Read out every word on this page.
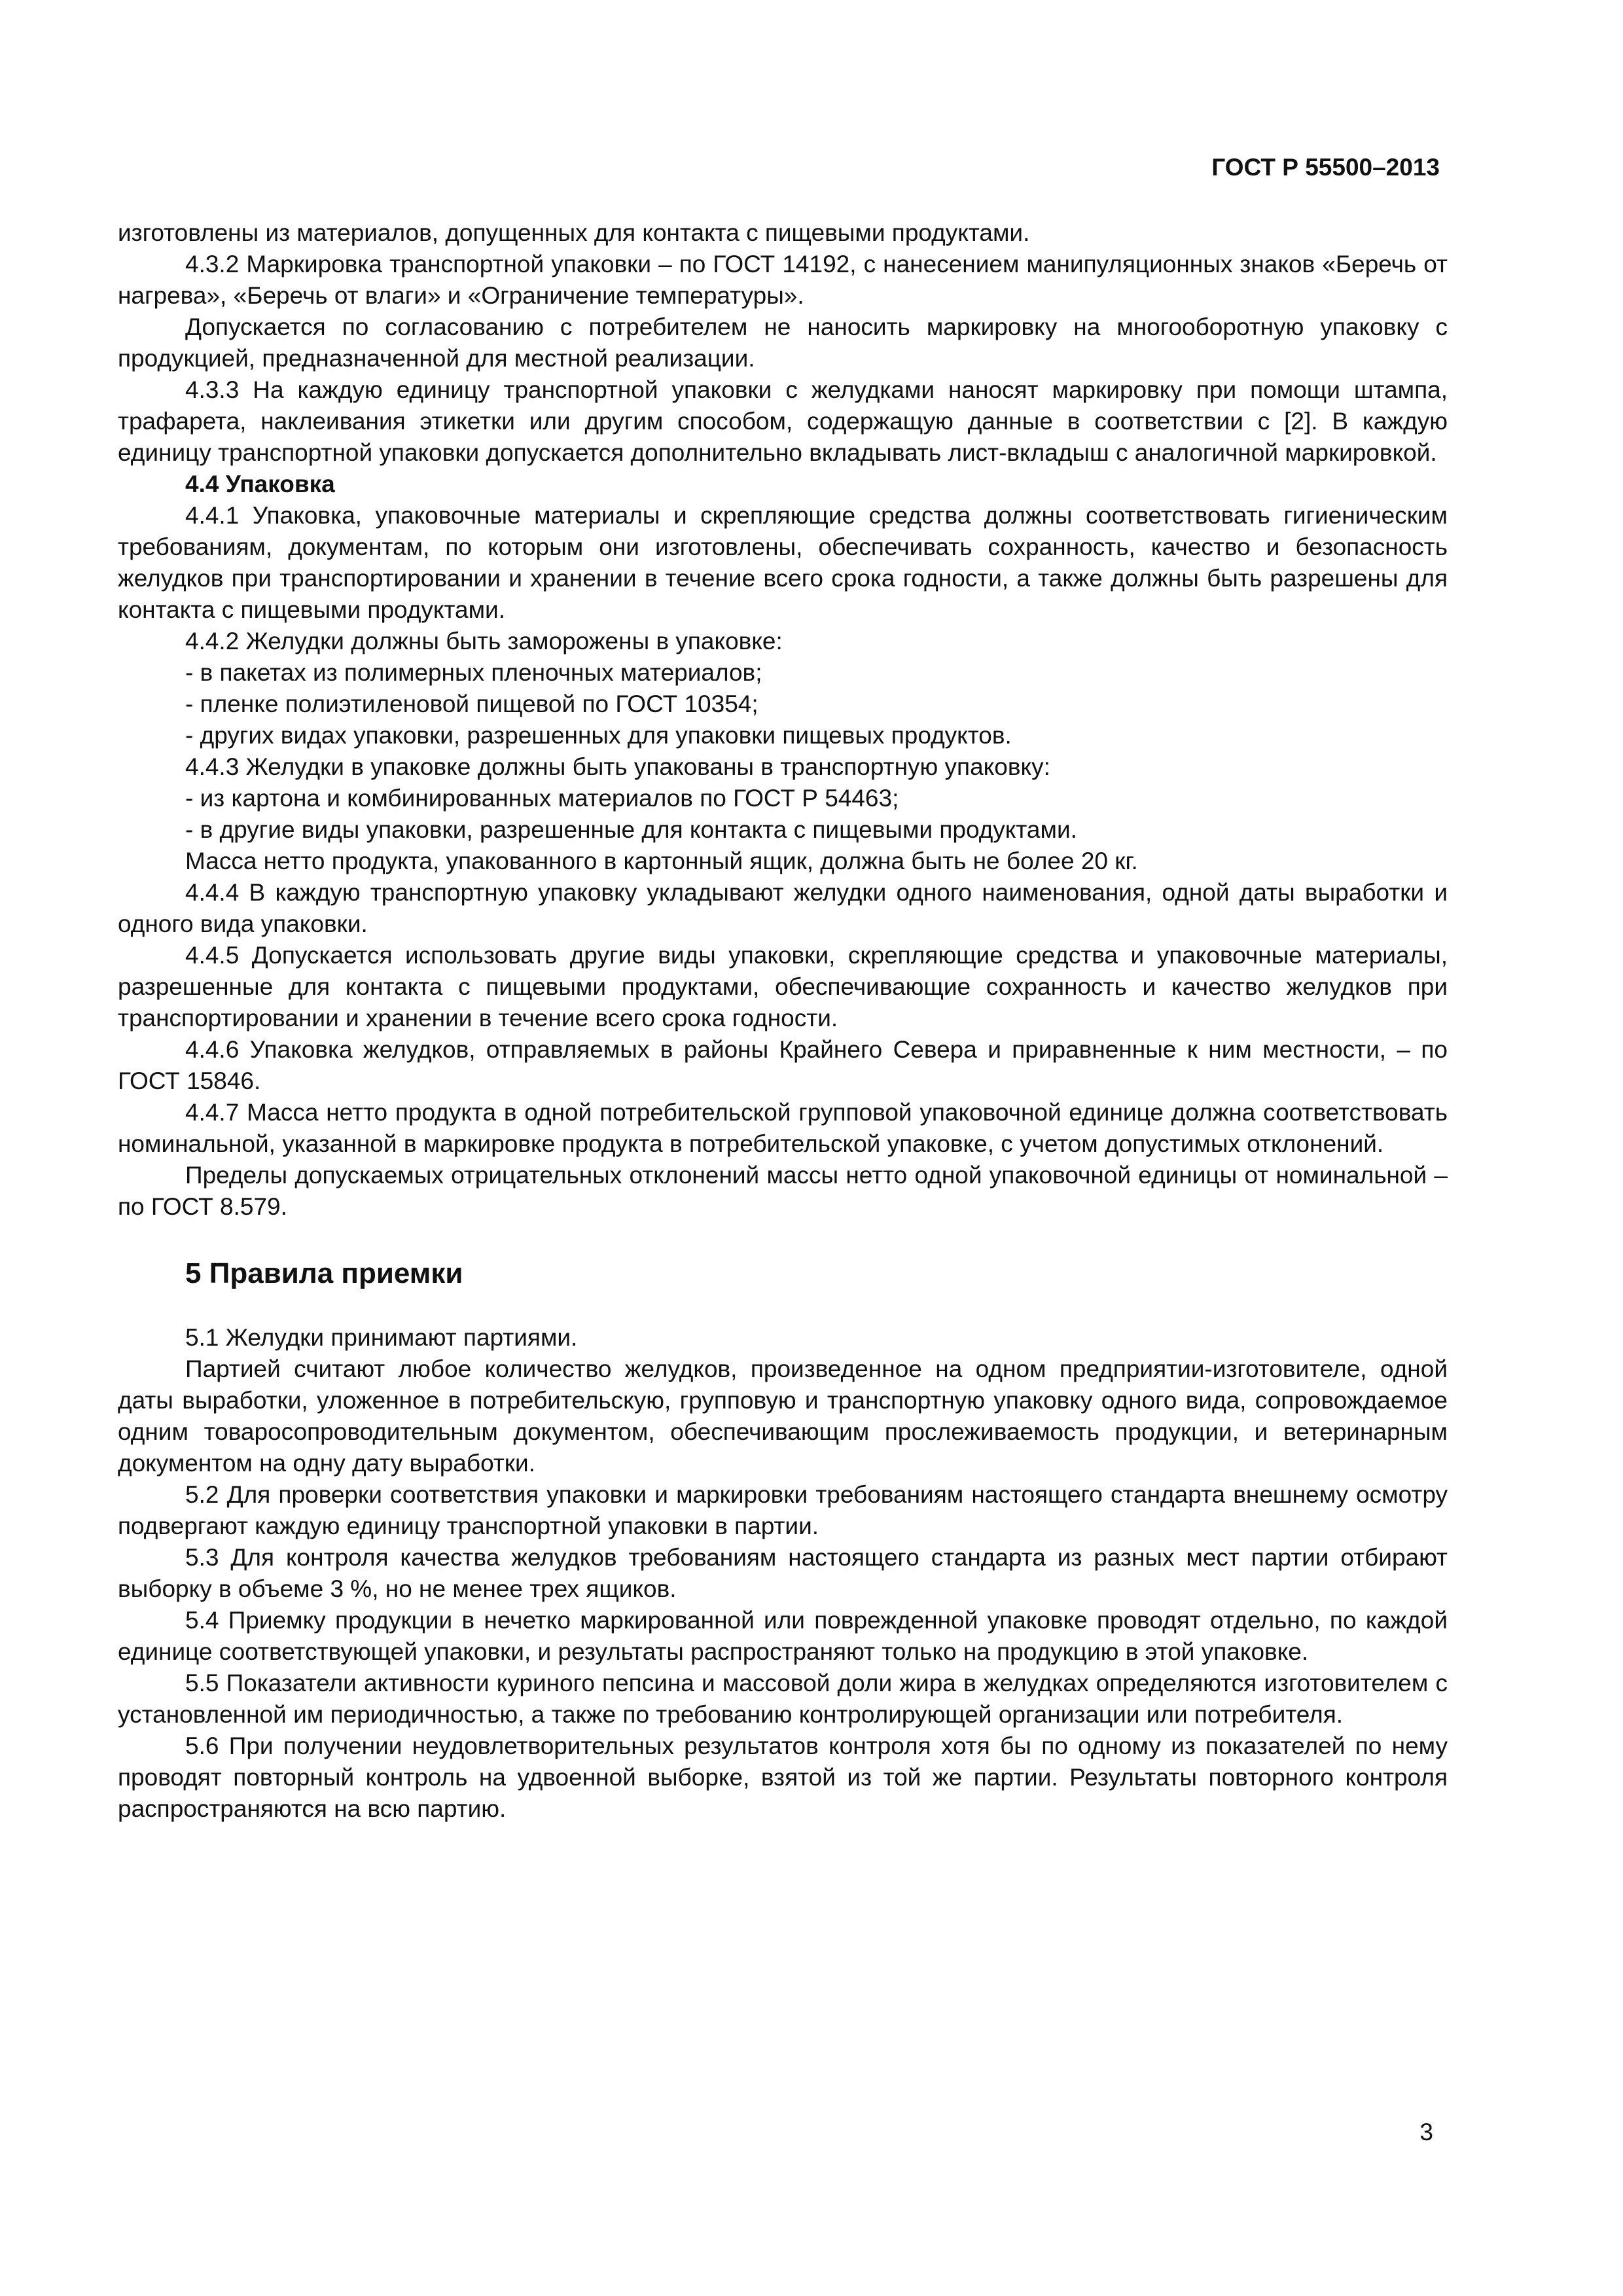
ГОСТ Р 55500–2013

изготовлены из материалов, допущенных для контакта с пищевыми продуктами.

4.3.2 Маркировка транспортной упаковки – по ГОСТ 14192, с нанесением манипуляционных знаков «Беречь от нагрева», «Беречь от влаги» и «Ограничение температуры».

Допускается по согласованию с потребителем не наносить маркировку на многооборотную упаковку с продукцией, предназначенной для местной реализации.

4.3.3 На каждую единицу транспортной упаковки с желудками наносят маркировку при помощи штампа, трафарета, наклеивания этикетки или другим способом, содержащую данные в соответствии с [2]. В каждую единицу транспортной упаковки допускается дополнительно вкладывать лист-вкладыш с аналогичной маркировкой.

4.4 Упаковка

4.4.1 Упаковка, упаковочные материалы и скрепляющие средства должны соответствовать гигиеническим требованиям, документам, по которым они изготовлены, обеспечивать сохранность, качество и безопасность желудков при транспортировании и хранении в течение всего срока годности, а также должны быть разрешены для контакта с пищевыми продуктами.

4.4.2 Желудки должны быть заморожены в упаковке:

- в пакетах из полимерных пленочных материалов;

- пленке полиэтиленовой пищевой по ГОСТ 10354;

- других видах упаковки, разрешенных для упаковки пищевых продуктов.

4.4.3 Желудки в упаковке должны быть упакованы в транспортную упаковку:

- из картона и комбинированных материалов по ГОСТ Р 54463;

- в другие виды упаковки, разрешенные для контакта с пищевыми продуктами.

Масса нетто продукта, упакованного в картонный ящик, должна быть не более 20 кг.

4.4.4 В каждую транспортную упаковку укладывают желудки одного наименования, одной даты выработки и одного вида упаковки.

4.4.5 Допускается использовать другие виды упаковки, скрепляющие средства и упаковочные материалы, разрешенные для контакта с пищевыми продуктами, обеспечивающие сохранность и качество желудков при транспортировании и хранении в течение всего срока годности.

4.4.6 Упаковка желудков, отправляемых в районы Крайнего Севера и приравненные к ним местности, – по ГОСТ 15846.

4.4.7 Масса нетто продукта в одной потребительской групповой упаковочной единице должна соответствовать номинальной, указанной в маркировке продукта в потребительской упаковке, с учетом допустимых отклонений.

Пределы допускаемых отрицательных отклонений массы нетто одной упаковочной единицы от номинальной – по ГОСТ 8.579.

5 Правила приемки

5.1 Желудки принимают партиями.

Партией считают любое количество желудков, произведенное на одном предприятии-изготовителе, одной даты выработки, уложенное в потребительскую, групповую и транспортную упаковку одного вида, сопровождаемое одним товаросопроводительным документом, обеспечивающим прослеживаемость продукции, и ветеринарным документом на одну дату выработки.

5.2 Для проверки соответствия упаковки и маркировки требованиям настоящего стандарта внешнему осмотру подвергают каждую единицу транспортной упаковки в партии.

5.3 Для контроля качества желудков требованиям настоящего стандарта из разных мест партии отбирают выборку в объеме 3 %, но не менее трех ящиков.

5.4 Приемку продукции в нечетко маркированной или поврежденной упаковке проводят отдельно, по каждой единице соответствующей упаковки, и результаты распространяют только на продукцию в этой упаковке.

5.5 Показатели активности куриного пепсина и массовой доли жира в желудках определяются изготовителем с установленной им периодичностью, а также по требованию контролирующей организации или потребителя.

5.6 При получении неудовлетворительных результатов контроля хотя бы по одному из показателей по нему проводят повторный контроль на удвоенной выборке, взятой из той же партии. Результаты повторного контроля распространяются на всю партию.

3
